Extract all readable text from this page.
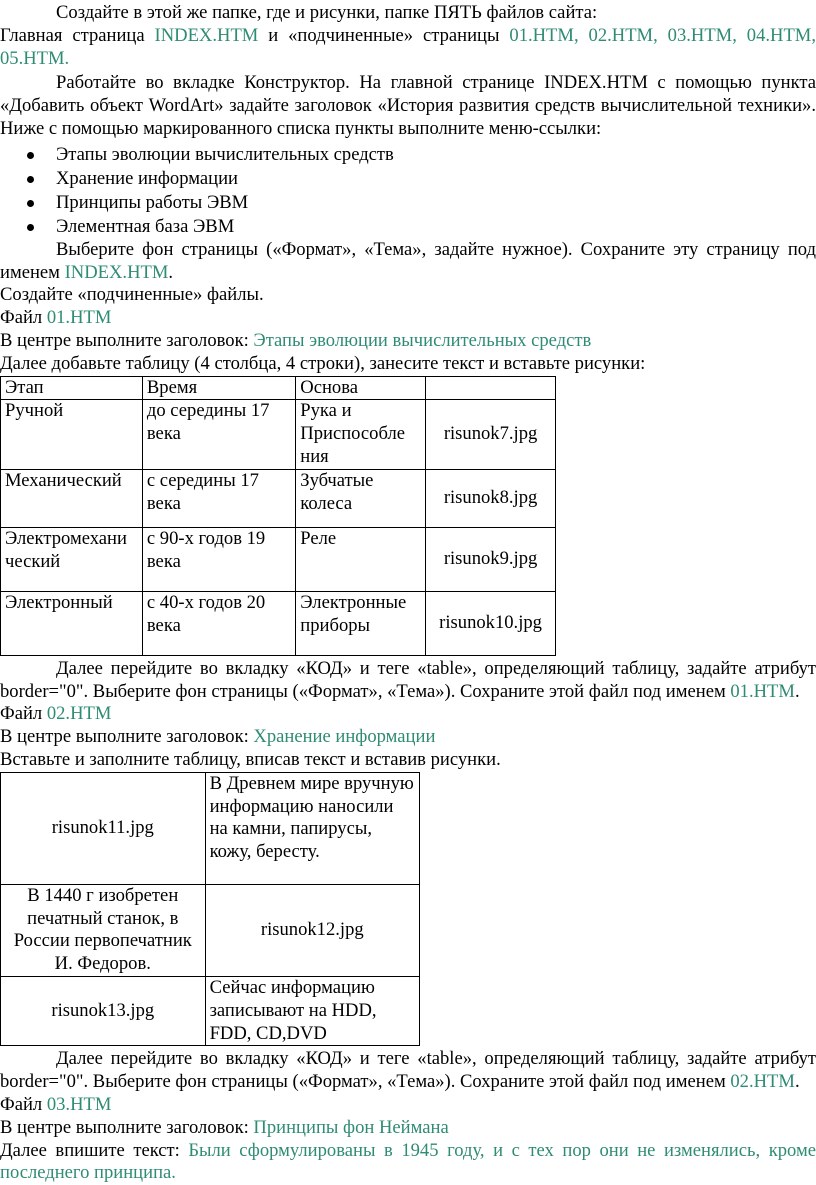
Создайте в этой же папке, где и рисунки, папке ПЯТЬ файлов сайта:

Главная страница INDEX.HTM и «подчиненные» страницы 01.HTM, 02.HTM, 03.HTM, 04.HTM,

05.HTM.

Работайте во вкладке Конструктор. На главной странице INDEX.HTM с помощью пункта «Добавить объект WordArt» задайте заголовок «История развития средств вычислительной техники». Ниже с помощью маркированного списка пункты выполните меню-ссылки:

Этапы эволюции вычислительных средств
Хранение информации
Принципы работы ЭВМ
Элементная база ЭВМ

Выберите фон страницы («Формат», «Тема», задайте нужное). Сохраните эту страницу под

именем INDEX.HTM.

Создайте «подчиненные» файлы.

Файл 01.HTM

В центре выполните заголовок: Этапы эволюции вычислительных средств

Далее добавьте таблицу (4 столбца, 4 строки), занесите текст и вставьте рисунки:

Этап	Время	Основа	
Ручной	до середины 17 века	Рука и Приспособле ния	risunok7.jpg
Механический	с середины 17 века	Зубчатые колеса	risunok8.jpg
Электромехани ческий	с 90-х годов 19 века	Реле	risunok9.jpg
Электронный	с 40-х годов 20 века	Электронные приборы	risunok10.jpg

Далее перейдите во вкладку «КОД» и теге «table», определяющий таблицу, задайте атрибут

border="0". Выберите фон страницы («Формат», «Тема»). Сохраните этой файл под именем 01.HTM.

Файл 02.HTM

В центре выполните заголовок: Хранение информации

Вставьте и заполните таблицу, вписав текст и вставив рисунки.

risunok11.jpg	В Древнем мире вручную информацию наносили на камни, папирусы, кожу, бересту.
В 1440 г изобретен печатный станок, в России первопечатник И. Федоров.	risunok12.jpg
risunok13.jpg	Сейчас информацию записывают на HDD, FDD, CD,DVD

Далее перейдите во вкладку «КОД» и теге «table», определяющий таблицу, задайте атрибут

border="0". Выберите фон страницы («Формат», «Тема»). Сохраните этой файл под именем 02.HTM.

Файл 03.HTM

В центре выполните заголовок: Принципы фон Неймана

Далее впишите текст: Были сформулированы в 1945 году, и с тех пор они не изменялись, кроме последнего принципа.
